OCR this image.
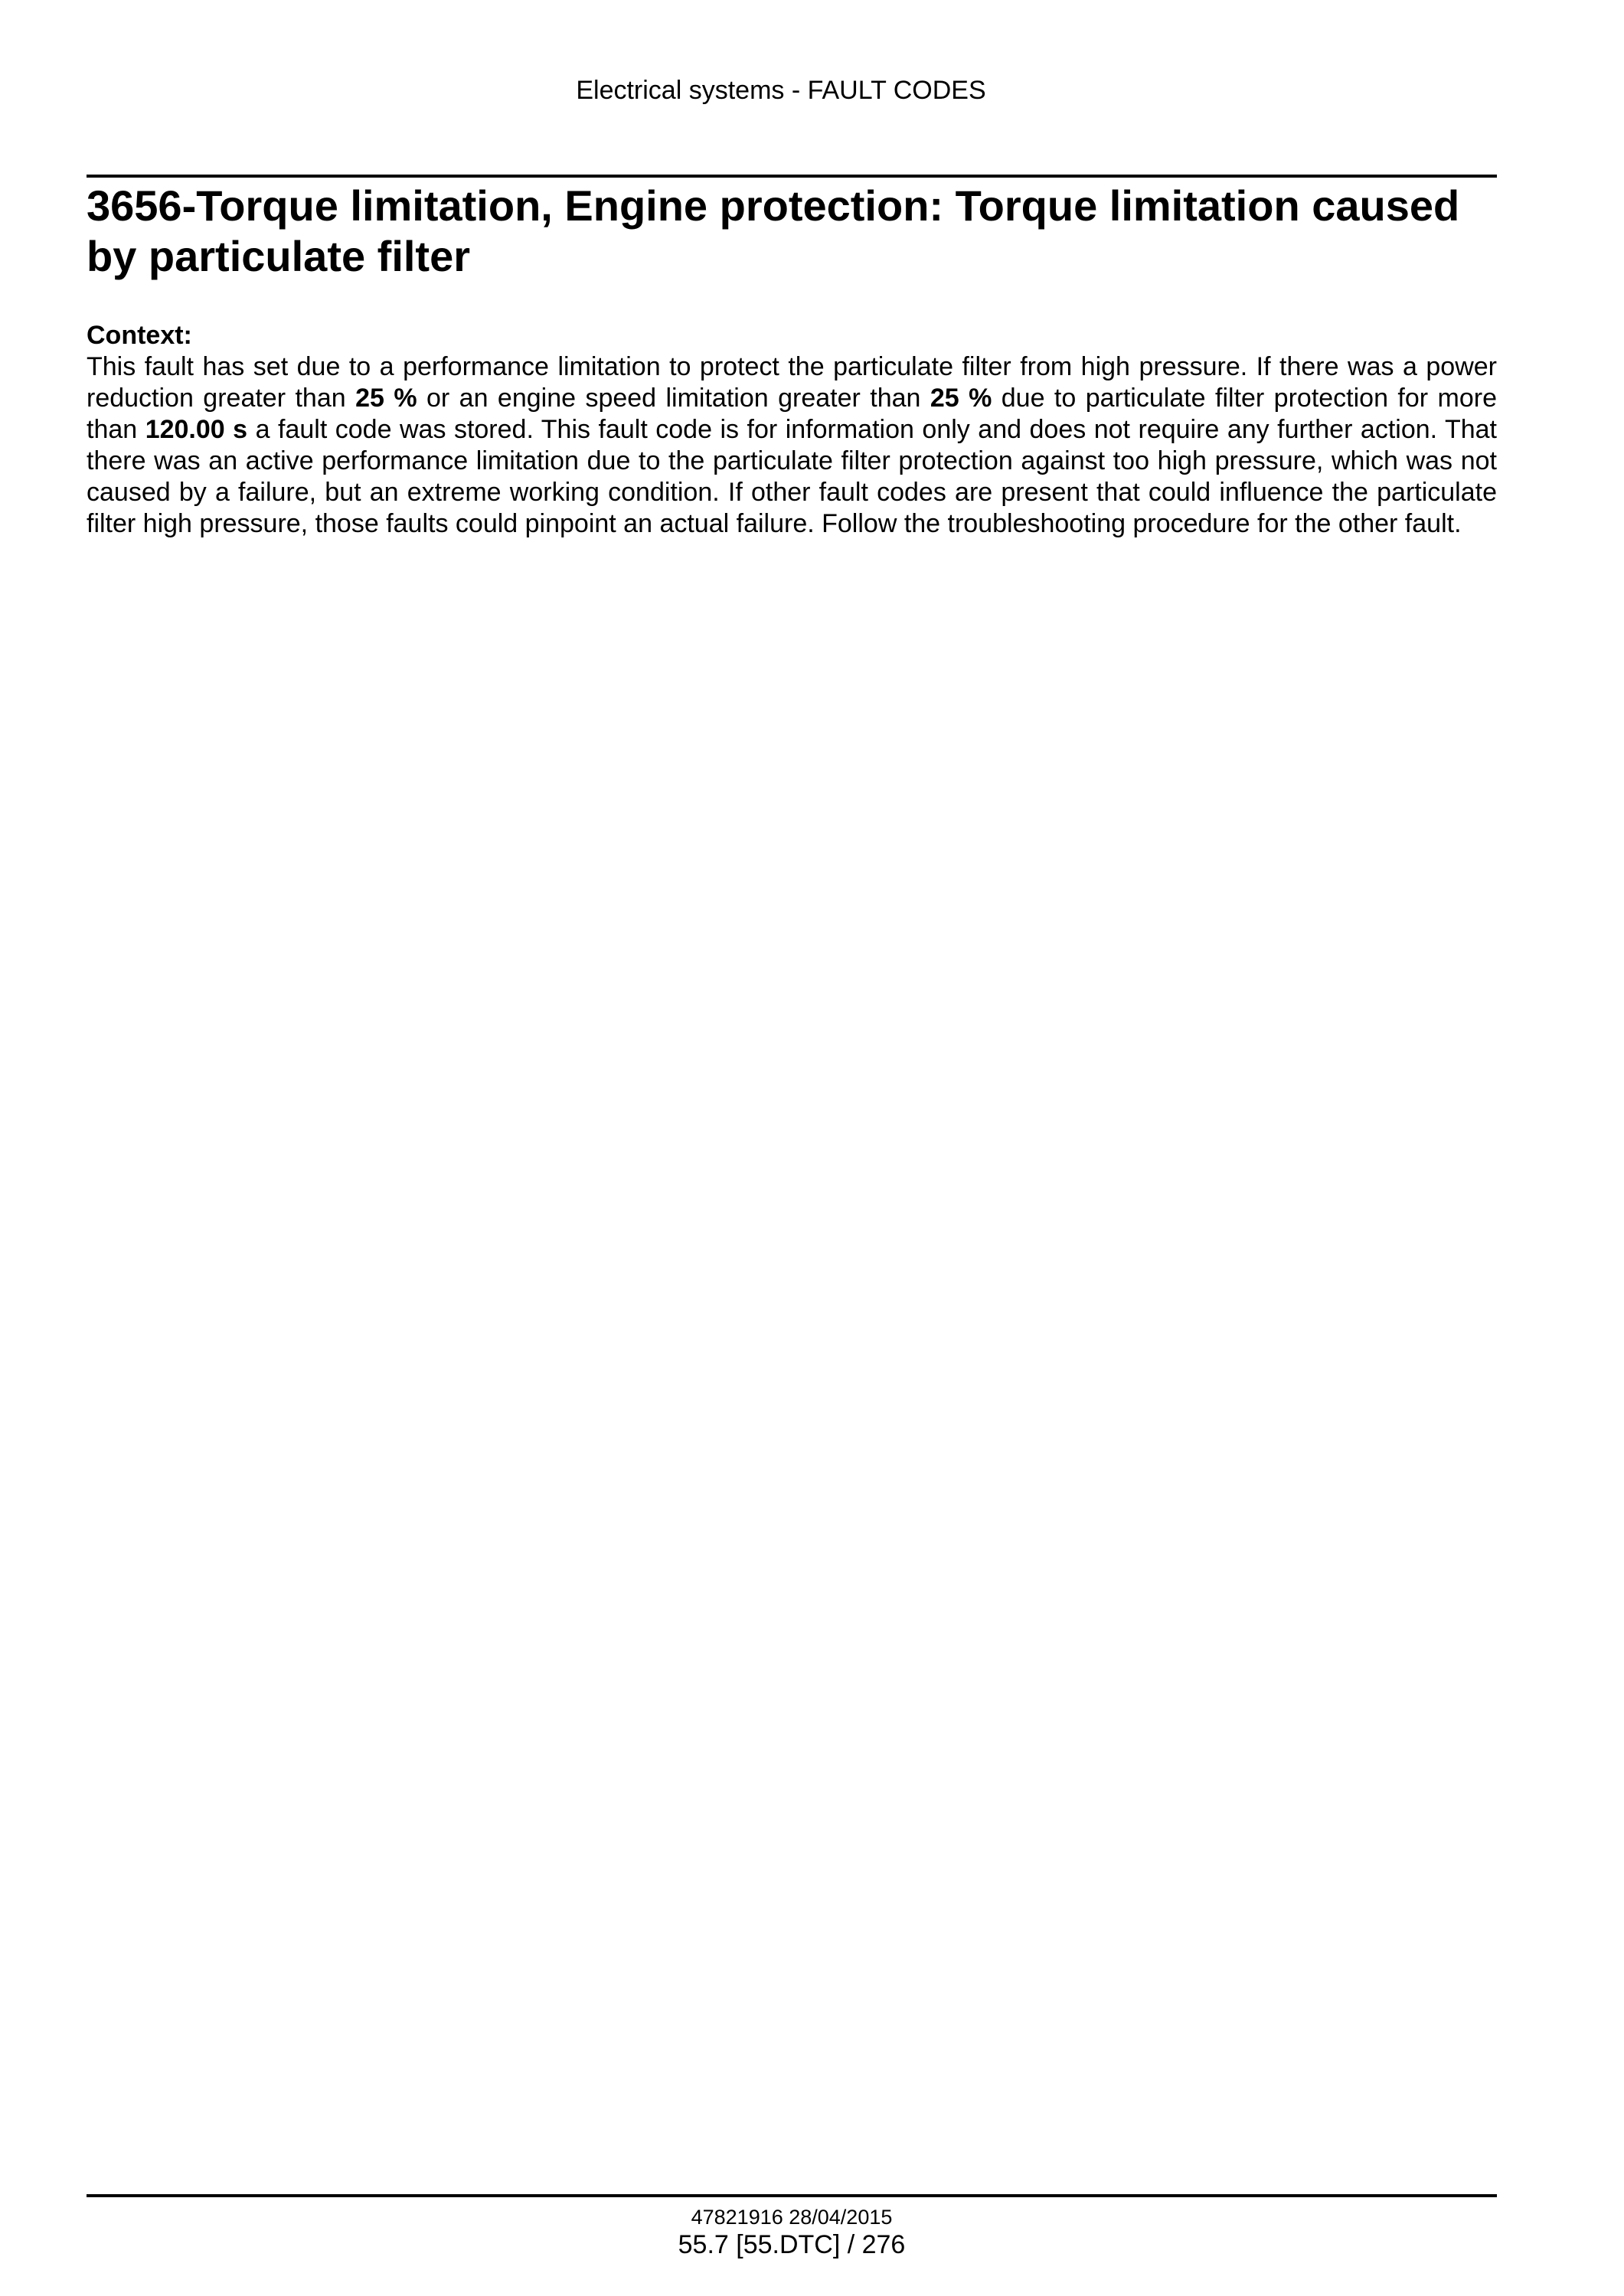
Electrical systems - FAULT CODES
3656-Torque limitation, Engine protection: Torque limitation caused by particulate filter
Context:

This fault has set due to a performance limitation to protect the particulate filter from high pressure. If there was a power reduction greater than 25 % or an engine speed limitation greater than 25 % due to particulate filter protection for more than 120.00 s a fault code was stored. This fault code is for information only and does not require any further action. That there was an active performance limitation due to the particulate filter protection against too high pressure, which was not caused by a failure, but an extreme working condition. If other fault codes are present that could influence the particulate filter high pressure, those faults could pinpoint an actual failure. Follow the troubleshooting procedure for the other fault.

47821916 28/04/2015
55.7 [55.DTC] / 276
